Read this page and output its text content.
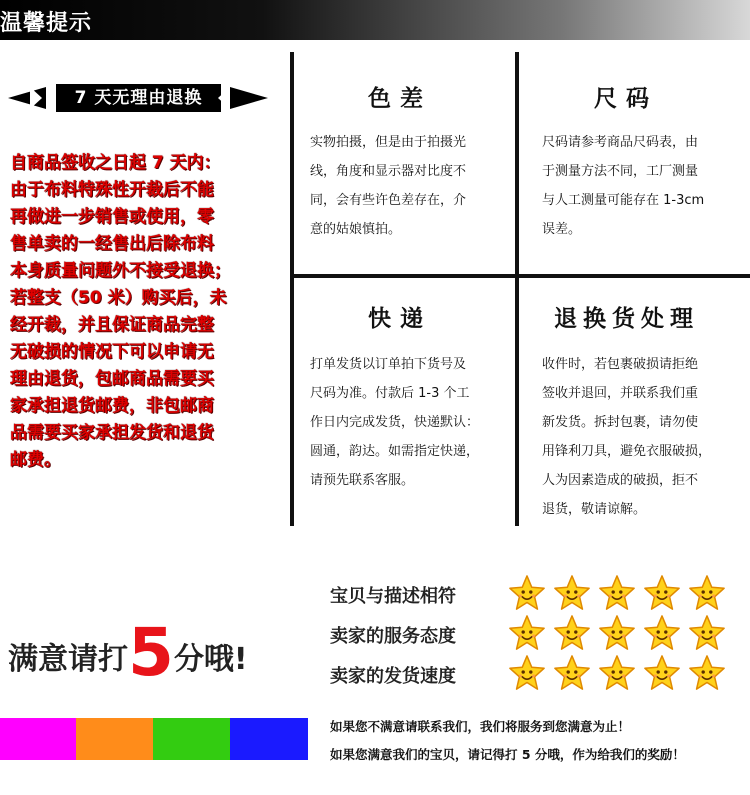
温馨提示
7 天无理由退换
自商品签收之日起 7 天内：
由于布料特殊性开裁后不能
再做进一步销售或使用，零
售单卖的一经售出后除布料
本身质量问题外不接受退换；
若整支（50 米）购买后，未
经开裁，并且保证商品完整
无破损的情况下可以申请无
理由退货，包邮商品需要买
家承担退货邮费，非包邮商
品需要买家承担发货和退货
邮费。
色差
实物拍摄，但是由于拍摄光
线，角度和显示器对比度不
同，会有些许色差存在，介
意的姑娘慎拍。
尺码
尺码请参考商品尺码表，由
于测量方法不同，工厂测量
与人工测量可能存在 1-3cm
误差。
快递
打单发货以订单拍下货号及
尺码为准。付款后 1-3 个工
作日内完成发货，快递默认：
圆通，韵达。如需指定快递，
请预先联系客服。
退换货处理
收件时，若包裹破损请拒绝
签收并退回，并联系我们重
新发货。拆封包裹，请勿使
用锋利刀具，避免衣服破损，
人为因素造成的破损，拒不
退货，敬请谅解。
满意请打5分哦!
宝贝与描述相符
卖家的服务态度
卖家的发货速度
如果您不满意请联系我们，我们将服务到您满意为止！
如果您满意我们的宝贝，请记得打 5 分哦，作为给我们的奖励！
